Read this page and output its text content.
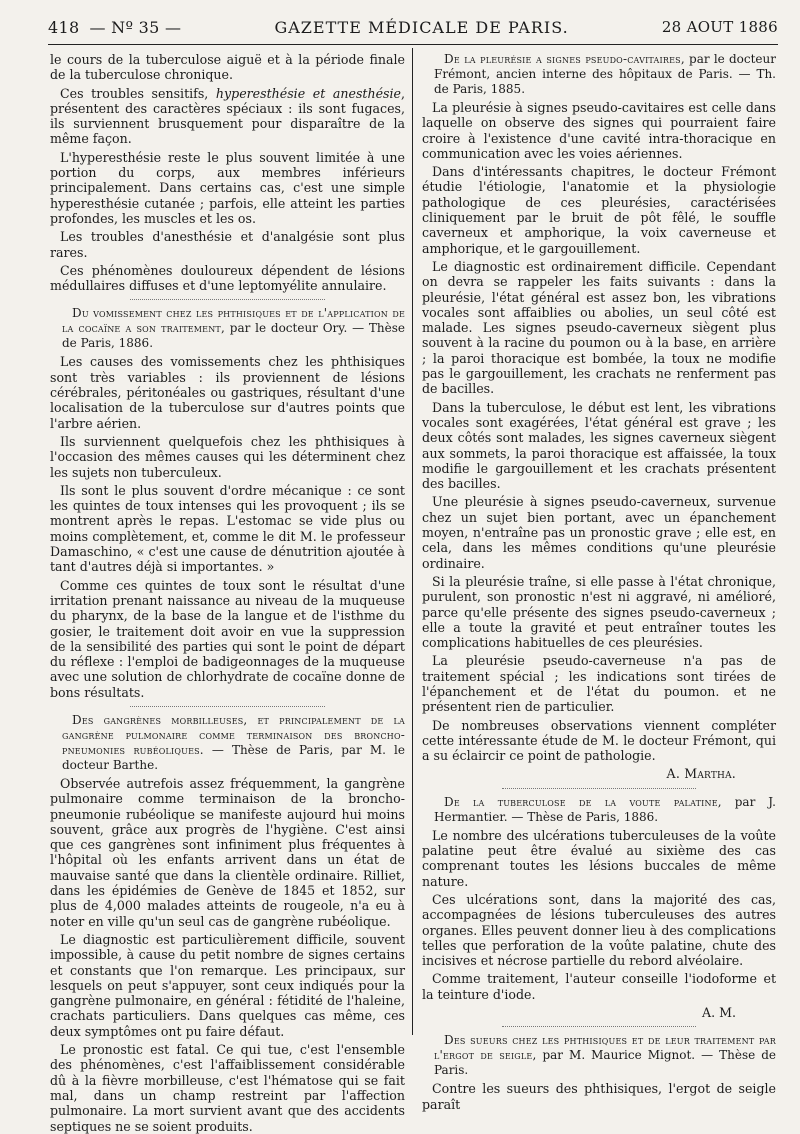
418 — Nº 35 —	GAZETTE MÉDICALE DE PARIS.	28 AOUT 1886

le cours de la tuberculose aiguë et à la période finale de la tuberculose chronique.

Ces troubles sensitifs, hyperesthésie et anesthésie, présentent des caractères spéciaux : ils sont fugaces, ils surviennent brusquement pour disparaître de la même façon.

L'hyperesthésie reste le plus souvent limitée à une portion du corps, aux membres inférieurs principalement. Dans certains cas, c'est une simple hyperesthésie cutanée ; parfois, elle atteint les parties profondes, les muscles et les os.

Les troubles d'anesthésie et d'analgésie sont plus rares.

Ces phénomènes douloureux dépendent de lésions médullaires diffuses et d'une leptomyélite annulaire.

Du vomissement chez les phthisiques et de l'application de la cocaïne a son traitement, par le docteur Ory. — Thèse de Paris, 1886.

Les causes des vomissements chez les phthisiques sont très variables : ils proviennent de lésions cérébrales, péritonéales ou gastriques, résultant d'une localisation de la tuberculose sur d'autres points que l'arbre aérien.

Ils surviennent quelquefois chez les phthisiques à l'occasion des mêmes causes qui les déterminent chez les sujets non tuberculeux.

Ils sont le plus souvent d'ordre mécanique : ce sont les quintes de toux intenses qui les provoquent ; ils se montrent après le repas. L'estomac se vide plus ou moins complètement, et, comme le dit M. le professeur Damaschino, « c'est une cause de dénutrition ajoutée à tant d'autres déjà si importantes. »

Comme ces quintes de toux sont le résultat d'une irritation prenant naissance au niveau de la muqueuse du pharynx, de la base de la langue et de l'isthme du gosier, le traitement doit avoir en vue la suppression de la sensibilité des parties qui sont le point de départ du réflexe : l'emploi de badigeonnages de la muqueuse avec une solution de chlorhydrate de cocaïne donne de bons résultats.

Des gangrènes morbilleuses, et principalement de la gangrène pulmonaire comme terminaison des broncho-pneumonies rubéoliques. — Thèse de Paris, par M. le docteur Barthe.

Observée autrefois assez fréquemment, la gangrène pulmonaire comme terminaison de la broncho-pneumonie rubéolique se manifeste aujourd hui moins souvent, grâce aux progrès de l'hygiène. C'est ainsi que ces gangrènes sont infiniment plus fréquentes à l'hôpital où les enfants arrivent dans un état de mauvaise santé que dans la clientèle ordinaire. Rilliet, dans les épidémies de Genève de 1845 et 1852, sur plus de 4,000 malades atteints de rougeole, n'a eu à noter en ville qu'un seul cas de gangrène rubéolique.

Le diagnostic est particulièrement difficile, souvent impossible, à cause du petit nombre de signes certains et constants que l'on remarque. Les principaux, sur lesquels on peut s'appuyer, sont ceux indiqués pour la gangrène pulmonaire, en général : fétidité de l'haleine, crachats particuliers. Dans quelques cas même, ces deux symptômes ont pu faire défaut.

Le pronostic est fatal. Ce qui tue, c'est l'ensemble des phénomènes, c'est l'affaiblissement considérable dû à la fièvre morbilleuse, c'est l'hématose qui se fait mal, dans un champ restreint par l'affection pulmonaire. La mort survient avant que des accidents septiques ne se soient produits.

De la pleurésie a signes pseudo-cavitaires, par le docteur Frémont, ancien interne des hôpitaux de Paris. — Th. de Paris, 1885.

La pleurésie à signes pseudo-cavitaires est celle dans laquelle on observe des signes qui pourraient faire croire à l'existence d'une cavité intra-thoracique en communication avec les voies aériennes.

Dans d'intéressants chapitres, le docteur Frémont étudie l'étiologie, l'anatomie et la physiologie pathologique de ces pleurésies, caractérisées cliniquement par le bruit de pôt fêlé, le souffle caverneux et amphorique, la voix caverneuse et amphorique, et le gargouillement.

Le diagnostic est ordinairement difficile. Cependant on devra se rappeler les faits suivants : dans la pleurésie, l'état général est assez bon, les vibrations vocales sont affaiblies ou abolies, un seul côté est malade. Les signes pseudo-caverneux siègent plus souvent à la racine du poumon ou à la base, en arrière ; la paroi thoracique est bombée, la toux ne modifie pas le gargouillement, les crachats ne renferment pas de bacilles.

Dans la tuberculose, le début est lent, les vibrations vocales sont exagérées, l'état général est grave ; les deux côtés sont malades, les signes caverneux siègent aux sommets, la paroi thoracique est affaissée, la toux modifie le gargouillement et les crachats présentent des bacilles.

Une pleurésie à signes pseudo-caverneux, survenue chez un sujet bien portant, avec un épanchement moyen, n'entraîne pas un pronostic grave ; elle est, en cela, dans les mêmes conditions qu'une pleurésie ordinaire.

Si la pleurésie traîne, si elle passe à l'état chronique, purulent, son pronostic n'est ni aggravé, ni amélioré, parce qu'elle présente des signes pseudo-caverneux ; elle a toute la gravité et peut entraîner toutes les complications habituelles de ces pleurésies.

La pleurésie pseudo-caverneuse n'a pas de traitement spécial ; les indications sont tirées de l'épanchement et de l'état du poumon. et ne présentent rien de particulier.

De nombreuses observations viennent compléter cette intéressante étude de M. le docteur Frémont, qui a su éclaircir ce point de pathologie.

A. Martha.

De la tuberculose de la voute palatine, par J. Hermantier. — Thèse de Paris, 1886.

Le nombre des ulcérations tuberculeuses de la voûte palatine peut être évalué au sixième des cas comprenant toutes les lésions buccales de même nature.

Ces ulcérations sont, dans la majorité des cas, accompagnées de lésions tuberculeuses des autres organes. Elles peuvent donner lieu à des complications telles que perforation de la voûte palatine, chute des incisives et nécrose partielle du rebord alvéolaire.

Comme traitement, l'auteur conseille l'iodoforme et la teinture d'iode.

A. M.

Des sueurs chez les phthisiques et de leur traitement par l'ergot de seigle, par M. Maurice Mignot. — Thèse de Paris.

Contre les sueurs des phthisiques, l'ergot de seigle paraît
